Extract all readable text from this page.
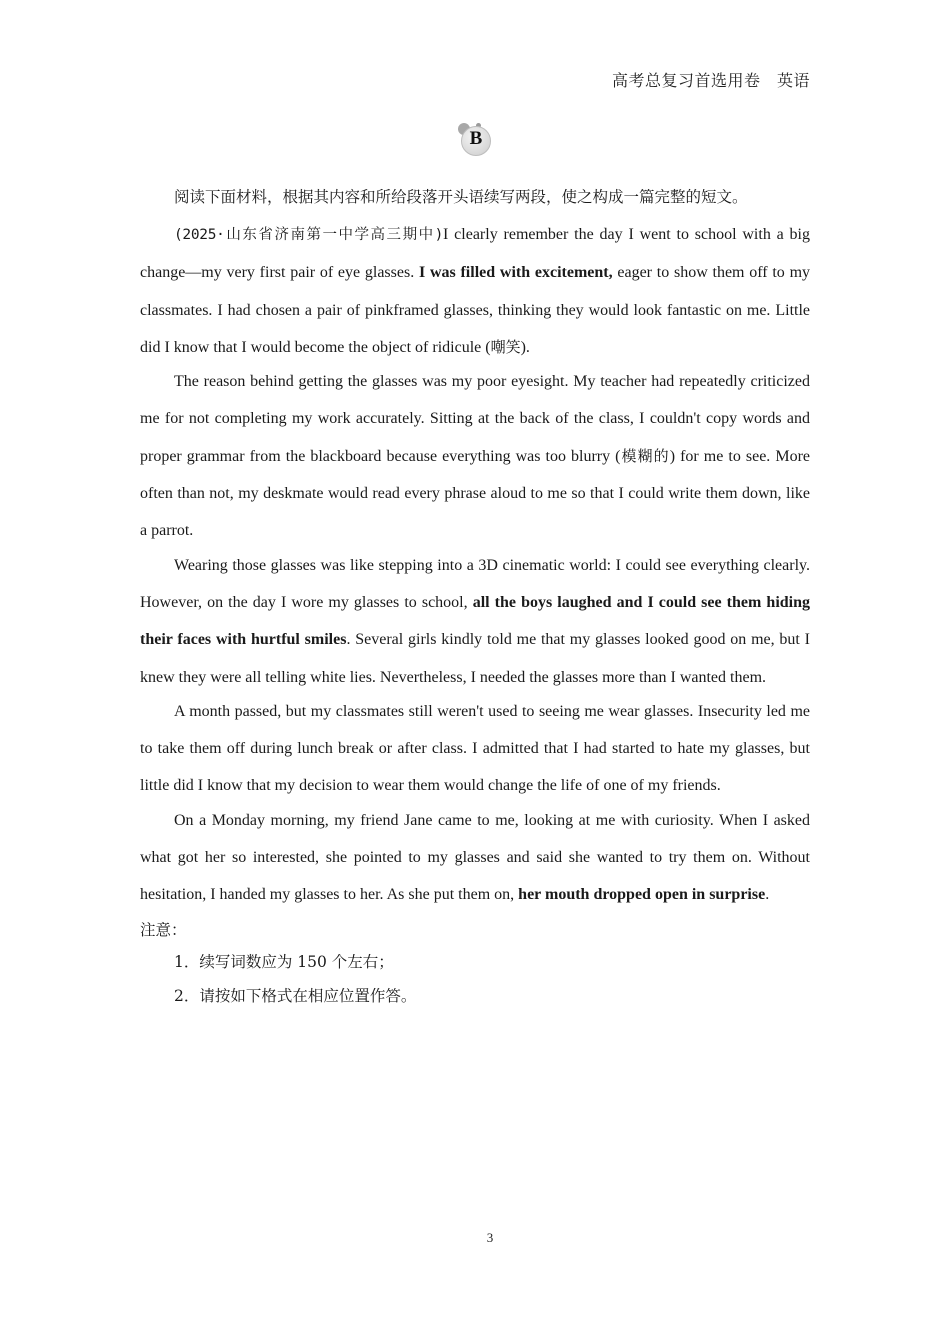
高考总复习首选用卷　英语
B

阅读下面材料，根据其内容和所给段落开头语续写两段，使之构成一篇完整的短文。

(2025·山东省济南第一中学高三期中)I clearly remember the day I went to school with a big change—my very first pair of eye glasses. I was filled with excitement, eager to show them off to my classmates. I had chosen a pair of pinkframed glasses, thinking they would look fantastic on me. Little did I know that I would become the object of ridicule (嘲笑).

The reason behind getting the glasses was my poor eyesight. My teacher had repeatedly criticized me for not completing my work accurately. Sitting at the back of the class, I couldn't copy words and proper grammar from the blackboard because everything was too blurry (模糊的) for me to see. More often than not, my deskmate would read every phrase aloud to me so that I could write them down, like a parrot.

Wearing those glasses was like stepping into a 3D cinematic world: I could see everything clearly. However, on the day I wore my glasses to school, all the boys laughed and I could see them hiding their faces with hurtful smiles. Several girls kindly told me that my glasses looked good on me, but I knew they were all telling white lies. Nevertheless, I needed the glasses more than I wanted them.

A month passed, but my classmates still weren't used to seeing me wear glasses. Insecurity led me to take them off during lunch break or after class. I admitted that I had started to hate my glasses, but little did I know that my decision to wear them would change the life of one of my friends.

On a Monday morning, my friend Jane came to me, looking at me with curiosity. When I asked what got her so interested, she pointed to my glasses and said she wanted to try them on. Without hesitation, I handed my glasses to her. As she put them on, her mouth dropped open in surprise.

注意：
1．续写词数应为 150 个左右；
2．请按如下格式在相应位置作答。
3
